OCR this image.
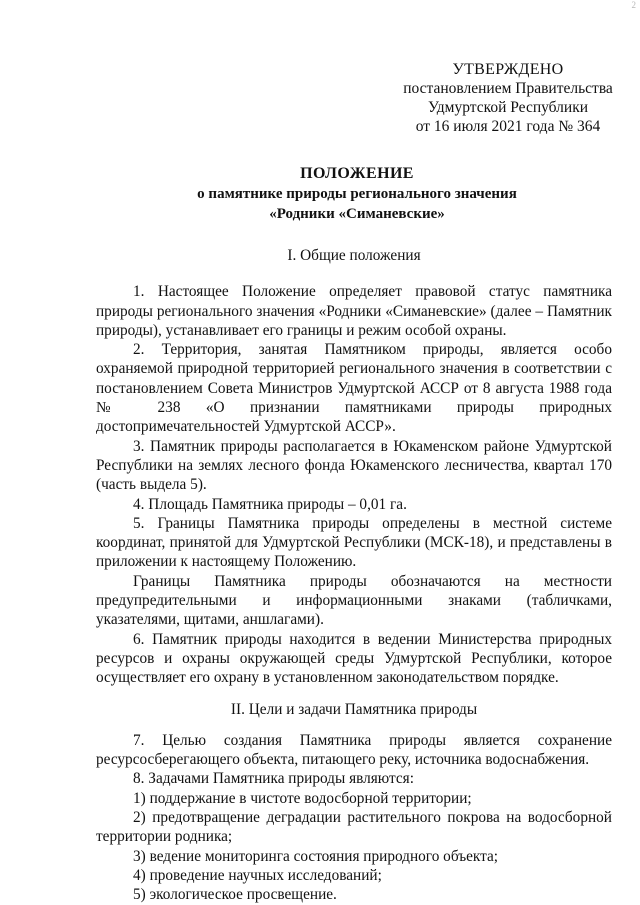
2
УТВЕРЖДЕНО
постановлением Правительства
Удмуртской Республики
от 16 июля 2021 года № 364
ПОЛОЖЕНИЕ
о памятнике природы регионального значения
«Родники «Симаневские»

I. Общие положения

1. Настоящее Положение определяет правовой статус памятника природы регионального значения «Родники «Симаневские» (далее – Памятник природы), устанавливает его границы и режим особой охраны.

2. Территория, занятая Памятником природы, является особо охраняемой природной территорией регионального значения в соответствии с постановлением Совета Министров Удмуртской АССР от 8 августа 1988 года № 238 «О признании памятниками природы природных достопримечательностей Удмуртской АССР».

3. Памятник природы располагается в Юкаменском районе Удмуртской Республики на землях лесного фонда Юкаменского лесничества, квартал 170 (часть выдела 5).

4. Площадь Памятника природы – 0,01 га.

5. Границы Памятника природы определены в местной системе координат, принятой для Удмуртской Республики (МСК-18), и представлены в приложении к настоящему Положению.

Границы Памятника природы обозначаются на местности предупредительными и информационными знаками (табличками, указателями, щитами, аншлагами).

6. Памятник природы находится в ведении Министерства природных ресурсов и охраны окружающей среды Удмуртской Республики, которое осуществляет его охрану в установленном законодательством порядке.

II. Цели и задачи Памятника природы

7. Целью создания Памятника природы является сохранение ресурсосберегающего объекта, питающего реку, источника водоснабжения.

8. Задачами Памятника природы являются:

1) поддержание в чистоте водосборной территории;

2) предотвращение деградации растительного покрова на водосборной территории родника;

3) ведение мониторинга состояния природного объекта;

4) проведение научных исследований;

5) экологическое просвещение.
